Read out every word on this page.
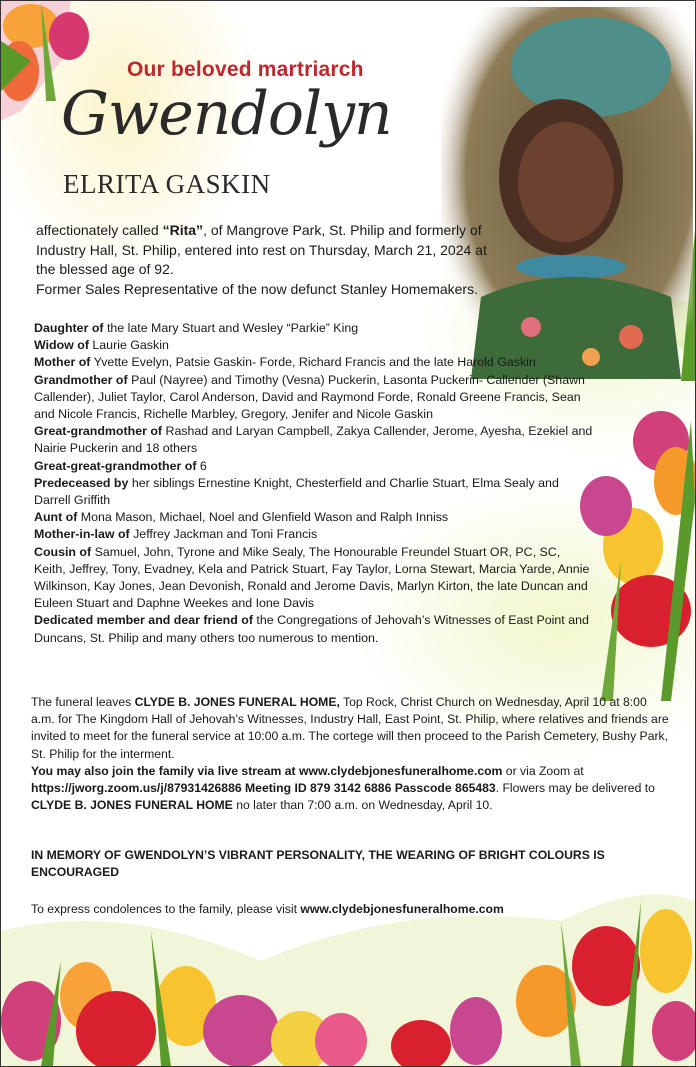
Our beloved martriarch
Gwendolyn
ELRITA GASKIN
affectionately called “Rita”, of Mangrove Park, St. Philip and formerly of Industry Hall, St. Philip, entered into rest on Thursday, March 21, 2024 at the blessed age of 92.
Former Sales Representative of the now defunct Stanley Homemakers.

Daughter of the late Mary Stuart and Wesley “Parkie” King

Widow of Laurie Gaskin

Mother of Yvette Evelyn, Patsie Gaskin- Forde, Richard Francis and the late Harold Gaskin

Grandmother of Paul (Nayree) and Timothy (Vesna) Puckerin, Lasonta Puckerin- Callender (Shawn Callender), Juliet Taylor, Carol Anderson, David and Raymond Forde, Ronald Greene Francis, Sean and Nicole Francis, Richelle Marbley, Gregory, Jenifer and Nicole Gaskin

Great-grandmother of Rashad and Laryan Campbell, Zakya Callender, Jerome, Ayesha, Ezekiel and Nairie Puckerin and 18 others

Great-great-grandmother of 6

Predeceased by her siblings Ernestine Knight, Chesterfield and Charlie Stuart, Elma Sealy and Darrell Griffith

Aunt of Mona Mason, Michael, Noel and Glenfield Wason and Ralph Inniss

Mother-in-law of Jeffrey Jackman and Toni Francis

Cousin of Samuel, John, Tyrone and Mike Sealy, The Honourable Freundel Stuart OR, PC, SC, Keith, Jeffrey, Tony, Evadney, Kela and Patrick Stuart, Fay Taylor, Lorna Stewart, Marcia Yarde, Annie Wilkinson, Kay Jones, Jean Devonish, Ronald and Jerome Davis, Marlyn Kirton, the late Duncan and Euleen Stuart and Daphne Weekes and Ione Davis

Dedicated member and dear friend of the Congregations of Jehovah’s Witnesses of East Point and Duncans, St. Philip and many others too numerous to mention.

The funeral leaves CLYDE B. JONES FUNERAL HOME, Top Rock, Christ Church on Wednesday, April 10 at 8:00 a.m. for The Kingdom Hall of Jehovah’s Witnesses, Industry Hall, East Point, St. Philip, where relatives and friends are invited to meet for the funeral service at 10:00 a.m. The cortege will then proceed to the Parish Cemetery, Bushy Park, St. Philip for the interment.

You may also join the family via live stream at www.clydebjonesfuneralhome.com or via Zoom at https://jworg.zoom.us/j/87931426886 Meeting ID 879 3142 6886 Passcode 865483. Flowers may be delivered to CLYDE B. JONES FUNERAL HOME no later than 7:00 a.m. on Wednesday, April 10.

IN MEMORY OF GWENDOLYN’S VIBRANT PERSONALITY, THE WEARING OF BRIGHT COLOURS IS ENCOURAGED
To express condolences to the family, please visit www.clydebjonesfuneralhome.com
